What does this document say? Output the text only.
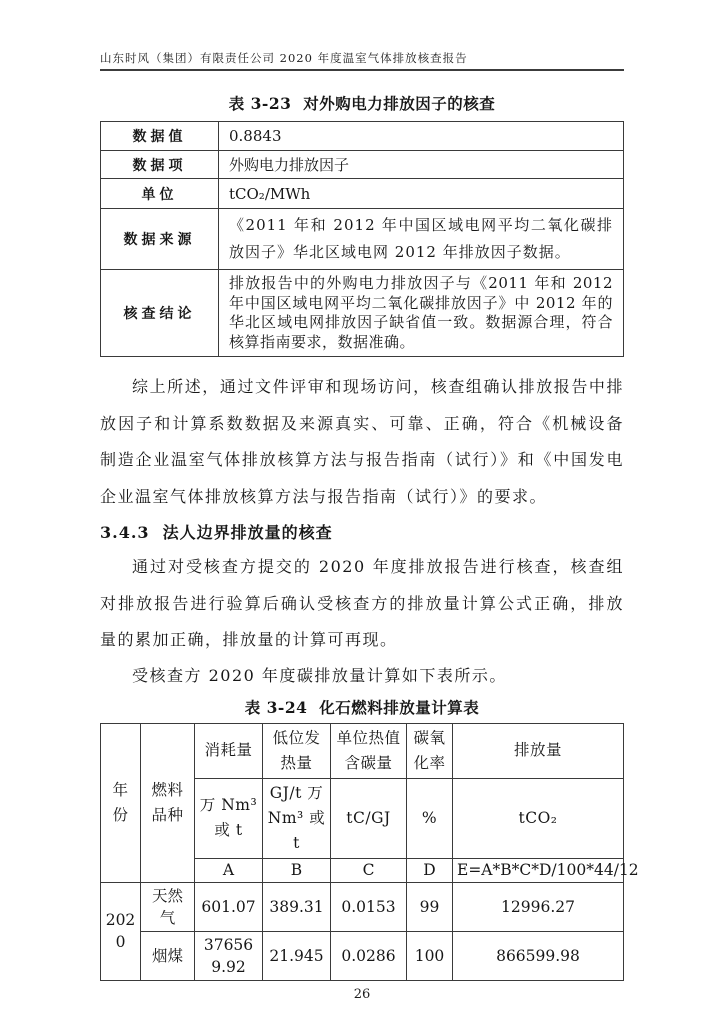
山东时风（集团）有限责任公司 2020 年度温室气体排放核查报告
表 3-23  对外购电力排放因子的核查
数据值	0.8843
数据项	外购电力排放因子
单位	tCO₂/MWh
数据来源	《2011 年和 2012 年中国区域电网平均二氧化碳排放因子》华北区域电网 2012 年排放因子数据。
核查结论	排放报告中的外购电力排放因子与《2011 年和 2012 年中国区域电网平均二氧化碳排放因子》中 2012 年的华北区域电网排放因子缺省值一致。数据源合理，符合核算指南要求，数据准确。

综上所述，通过文件评审和现场访问，核查组确认排放报告中排放因子和计算系数数据及来源真实、可靠、正确，符合《机械设备制造企业温室气体排放核算方法与报告指南（试行）》和《中国发电企业温室气体排放核算方法与报告指南（试行）》的要求。

3.4.3  法人边界排放量的核查

通过对受核查方提交的 2020 年度排放报告进行核查，核查组对排放报告进行验算后确认受核查方的排放量计算公式正确，排放量的累加正确，排放量的计算可再现。

受核查方 2020 年度碳排放量计算如下表所示。

表 3-24  化石燃料排放量计算表
年份	燃料品种	消耗量	低位发热量	单位热值含碳量	碳氧化率	排放量
		万 Nm³ 或 t	GJ/t 万 Nm³ 或 t	tC/GJ	%	tCO₂
		A	B	C	D	E=A*B*C*D/100*44/12
2020	天然气	601.07	389.31	0.0153	99	12996.27
	烟煤	376569.92	21.945	0.0286	100	866599.98
26
